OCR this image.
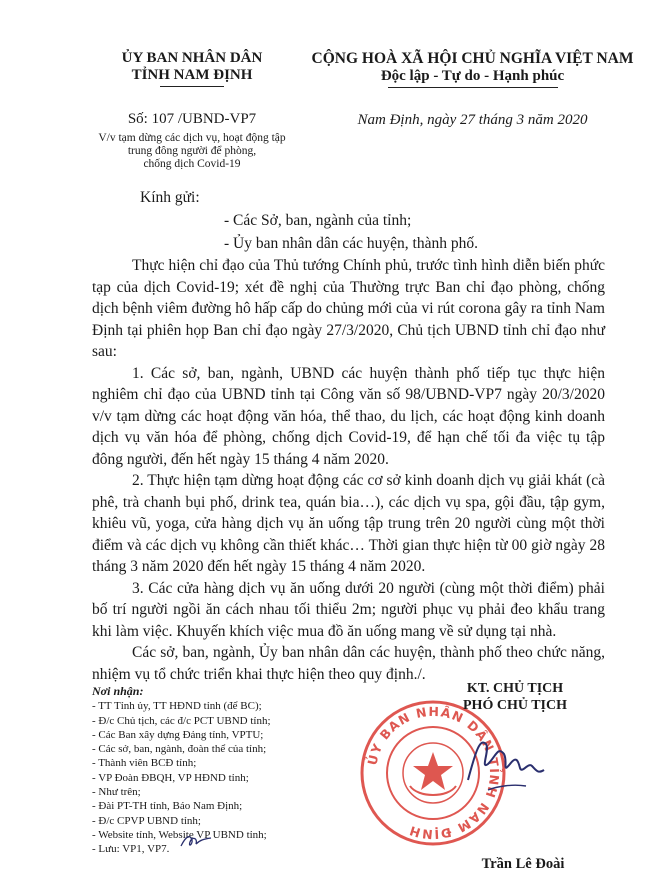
ỦY BAN NHÂN DÂN
TỈNH NAM ĐỊNH
Số: 107 /UBND-VP7
V/v tạm dừng các dịch vụ, hoạt động tập
trung đông người để phòng,
chống dịch Covid-19
CỘNG HOÀ XÃ HỘI CHỦ NGHĨA VIỆT NAM
Độc lập - Tự do - Hạnh phúc
Nam Định, ngày 27 tháng 3 năm 2020
Kính gửi:
- Các Sở, ban, ngành của tỉnh;
- Ủy ban nhân dân các huyện, thành phố.

Thực hiện chỉ đạo của Thủ tướng Chính phủ, trước tình hình diễn biến phức tạp của dịch Covid-19; xét đề nghị của Thường trực Ban chỉ đạo phòng, chống dịch bệnh viêm đường hô hấp cấp do chủng mới của vi rút corona gây ra tỉnh Nam Định tại phiên họp Ban chỉ đạo ngày 27/3/2020, Chủ tịch UBND tỉnh chỉ đạo như sau:

1. Các sở, ban, ngành, UBND các huyện thành phố tiếp tục thực hiện nghiêm chỉ đạo của UBND tỉnh tại Công văn số 98/UBND-VP7 ngày 20/3/2020 v/v tạm dừng các hoạt động văn hóa, thể thao, du lịch, các hoạt động kinh doanh dịch vụ văn hóa để phòng, chống dịch Covid-19, để hạn chế tối đa việc tụ tập đông người, đến hết ngày 15 tháng 4 năm 2020.

2. Thực hiện tạm dừng hoạt động các cơ sở kinh doanh dịch vụ giải khát (cà phê, trà chanh bụi phố, drink tea, quán bia…), các dịch vụ spa, gội đầu, tập gym, khiêu vũ, yoga, cửa hàng dịch vụ ăn uống tập trung trên 20 người cùng một thời điểm và các dịch vụ không cần thiết khác… Thời gian thực hiện từ 00 giờ ngày 28 tháng 3 năm 2020 đến hết ngày 15 tháng 4 năm 2020.

3. Các cửa hàng dịch vụ ăn uống dưới 20 người (cùng một thời điểm) phải bố trí người ngồi ăn cách nhau tối thiểu 2m; người phục vụ phải đeo khẩu trang khi làm việc. Khuyến khích việc mua đồ ăn uống mang về sử dụng tại nhà.

Các sở, ban, ngành, Ủy ban nhân dân các huyện, thành phố theo chức năng, nhiệm vụ tổ chức triển khai thực hiện theo quy định./.

Nơi nhận:
- TT Tỉnh ủy, TT HĐND tỉnh (để BC);
- Đ/c Chủ tịch, các đ/c PCT UBND tỉnh;
- Các Ban xây dựng Đảng tỉnh, VPTU;
- Các sở, ban, ngành, đoàn thể của tỉnh;
- Thành viên BCĐ tỉnh;
- VP Đoàn ĐBQH, VP HĐND tỉnh;
- Như trên;
- Đài PT-TH tỉnh, Báo Nam Định;
- Đ/c CPVP UBND tỉnh;
- Website tỉnh, Website VP UBND tỉnh;
- Lưu: VP1, VP7.
ỦY BAN NHÂN DÂN TỈNH NAM ĐỊNH
KT. CHỦ TỊCH
PHÓ CHỦ TỊCH
Trần Lê Đoài
